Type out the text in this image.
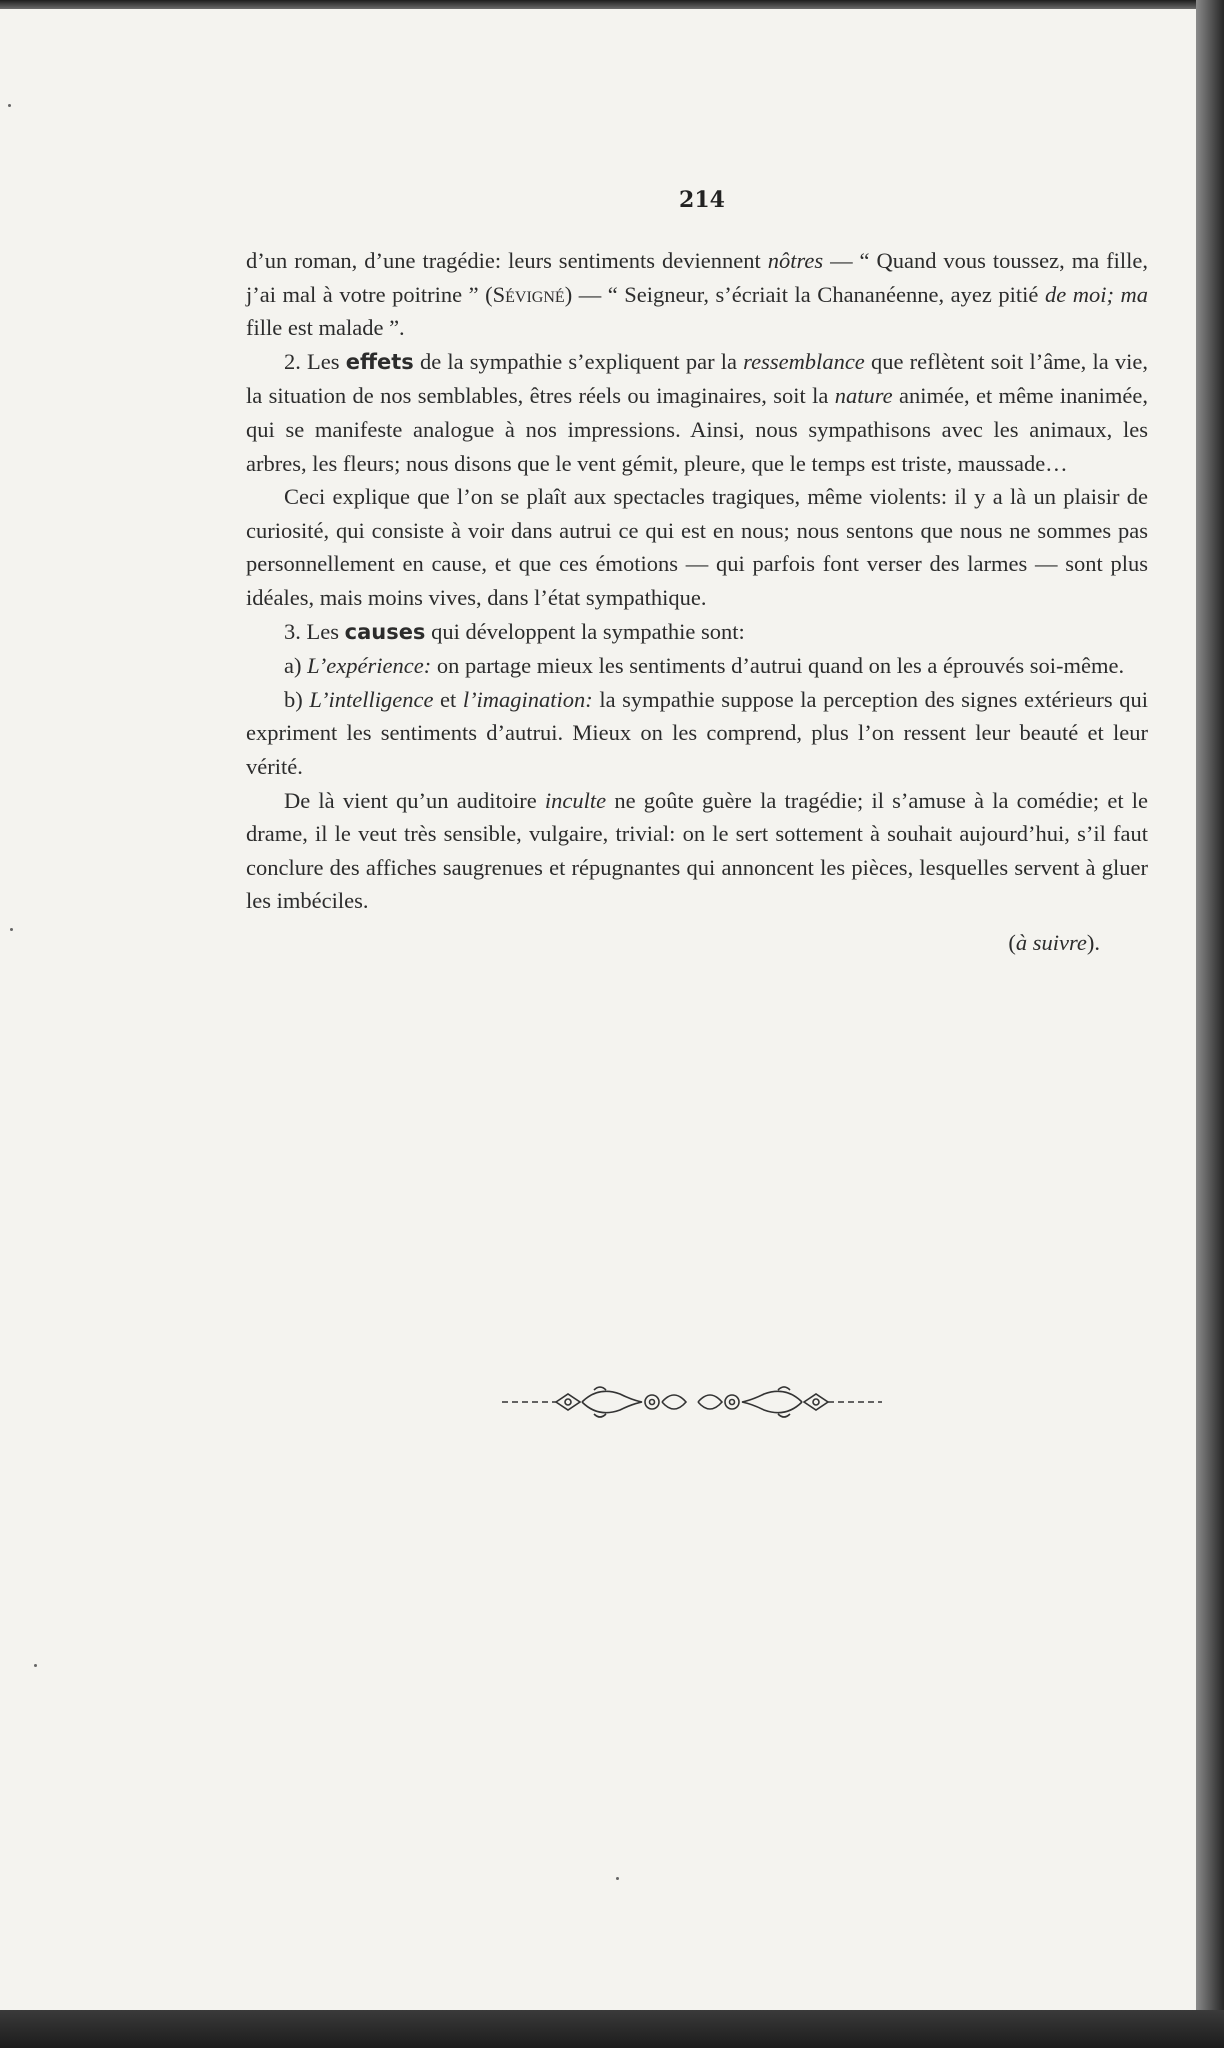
214

d’un roman, d’une tragédie: leurs sentiments deviennent nôtres — “ Quand vous toussez, ma fille, j’ai mal à votre poitrine ” (Sévigné) — “ Seigneur, s’écriait la Chananéenne, ayez pitié de moi; ma fille est malade ”.

2. Les effets de la sympathie s’expliquent par la ressemblance que reflètent soit l’âme, la vie, la situation de nos semblables, êtres réels ou imaginaires, soit la nature animée, et même inanimée, qui se manifeste analogue à nos impressions. Ainsi, nous sympathisons avec les animaux, les arbres, les fleurs; nous disons que le vent gémit, pleure, que le temps est triste, maussade…

Ceci explique que l’on se plaît aux spectacles tragiques, même violents: il y a là un plaisir de curiosité, qui consiste à voir dans autrui ce qui est en nous; nous sentons que nous ne sommes pas personnellement en cause, et que ces émotions — qui parfois font verser des larmes — sont plus idéales, mais moins vives, dans l’état sympathique.

3. Les causes qui développent la sympathie sont:

a) L’expérience: on partage mieux les sentiments d’autrui quand on les a éprouvés soi-même.

b) L’intelligence et l’imagination: la sympathie suppose la perception des signes extérieurs qui expriment les sentiments d’autrui. Mieux on les comprend, plus l’on ressent leur beauté et leur vérité.

De là vient qu’un auditoire inculte ne goûte guère la tragédie; il s’amuse à la comédie; et le drame, il le veut très sensible, vulgaire, trivial: on le sert sottement à souhait aujourd’hui, s’il faut conclure des affiches saugrenues et répugnantes qui annoncent les pièces, lesquelles servent à gluer les imbéciles.

(à suivre).
